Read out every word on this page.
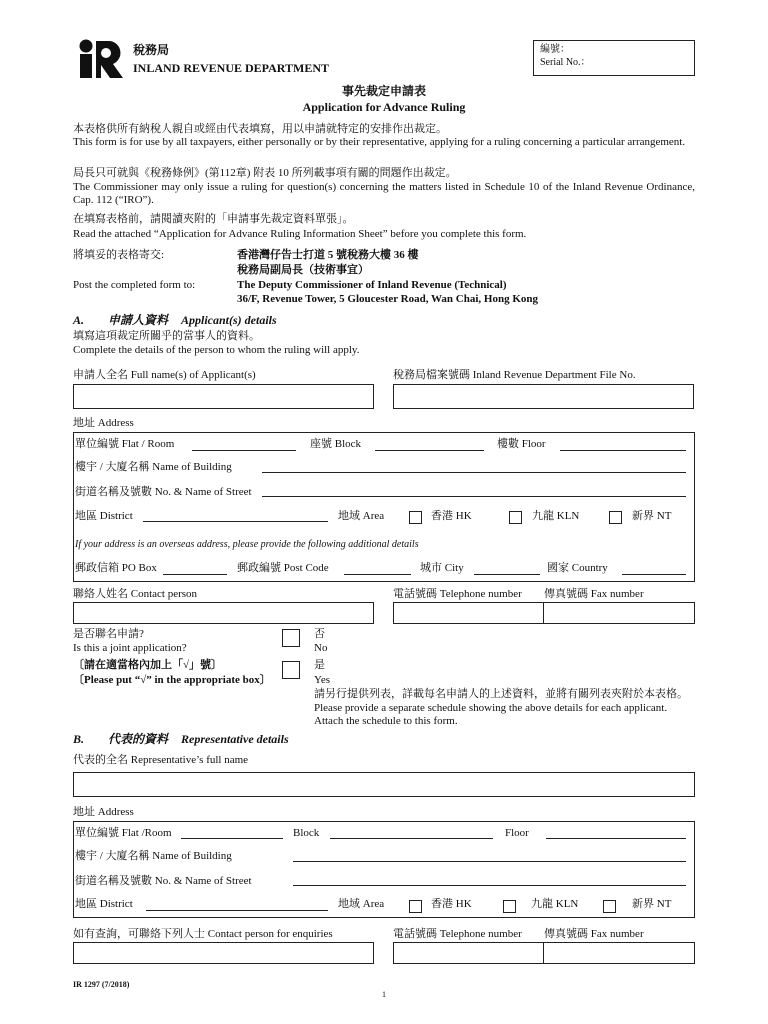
稅務局
INLAND REVENUE DEPARTMENT
編號：
Serial No.：
事先裁定申請表
Application for Advance Ruling
本表格供所有納稅人親自或經由代表填寫，用以申請就特定的安排作出裁定。
This form is for use by all taxpayers, either personally or by their representative, applying for a ruling concerning a particular arrangement.
局長只可就與《稅務條例》(第112章) 附表 10 所列載事項有關的問題作出裁定。
The Commissioner may only issue a ruling for question(s) concerning the matters listed in Schedule 10 of the Inland Revenue Ordinance, Cap. 112 (“IRO”).
在填寫表格前，請閱讀夾附的「申請事先裁定資料單張」。
Read the attached “Application for Advance Ruling Information Sheet” before you complete this form.
將填妥的表格寄交:
Post the completed form to:
香港灣仔告士打道 5 號稅務大樓 36 樓
稅務局副局長（技術事宜）
The Deputy Commissioner of Inland Revenue (Technical)
36/F, Revenue Tower, 5 Gloucester Road, Wan Chai, Hong Kong
A. 申請人資料 Applicant(s) details
填寫這項裁定所關乎的當事人的資料。
Complete the details of the person to whom the ruling will apply.
申請人全名 Full name(s) of Applicant(s)	稅務局檔案號碼 Inland Revenue Department File No.
地址 Address
單位編號 Flat / Room	座號 Block	樓數 Floor
樓宇 / 大廈名稱 Name of Building
街道名稱及號數 No. & Name of Street
地區 District	地域 Area	香港 HK	九龍 KLN	新界 NT
If your address is an overseas address, please provide the following additional details
郵政信箱 PO Box	郵政編號 Post Code	城市 City	國家 Country
聯絡人姓名 Contact person	電話號碼 Telephone number 傳真號碼 Fax number
是否聯名申請?
Is this a joint application?
〔請在適當格內加上「√」號〕
〔Please put “√” in the appropriate box〕
否
No
是
Yes
請另行提供列表，詳載每名申請人的上述資料，並將有關列表夾附於本表格。
Please provide a separate schedule showing the above details for each applicant.
Attach the schedule to this form.
B. 代表的資料 Representative details
代表的全名 Representative’s full name
地址 Address
單位編號 Flat /Room	Block	Floor
樓宇 / 大廈名稱 Name of Building
街道名稱及號數 No. & Name of Street
地區 District	地域 Area	香港 HK	九龍 KLN	新界 NT
如有查詢，可聯絡下列人士 Contact person for enquiries	電話號碼 Telephone number 傳真號碼 Fax number
IR 1297 (7/2018)
1
